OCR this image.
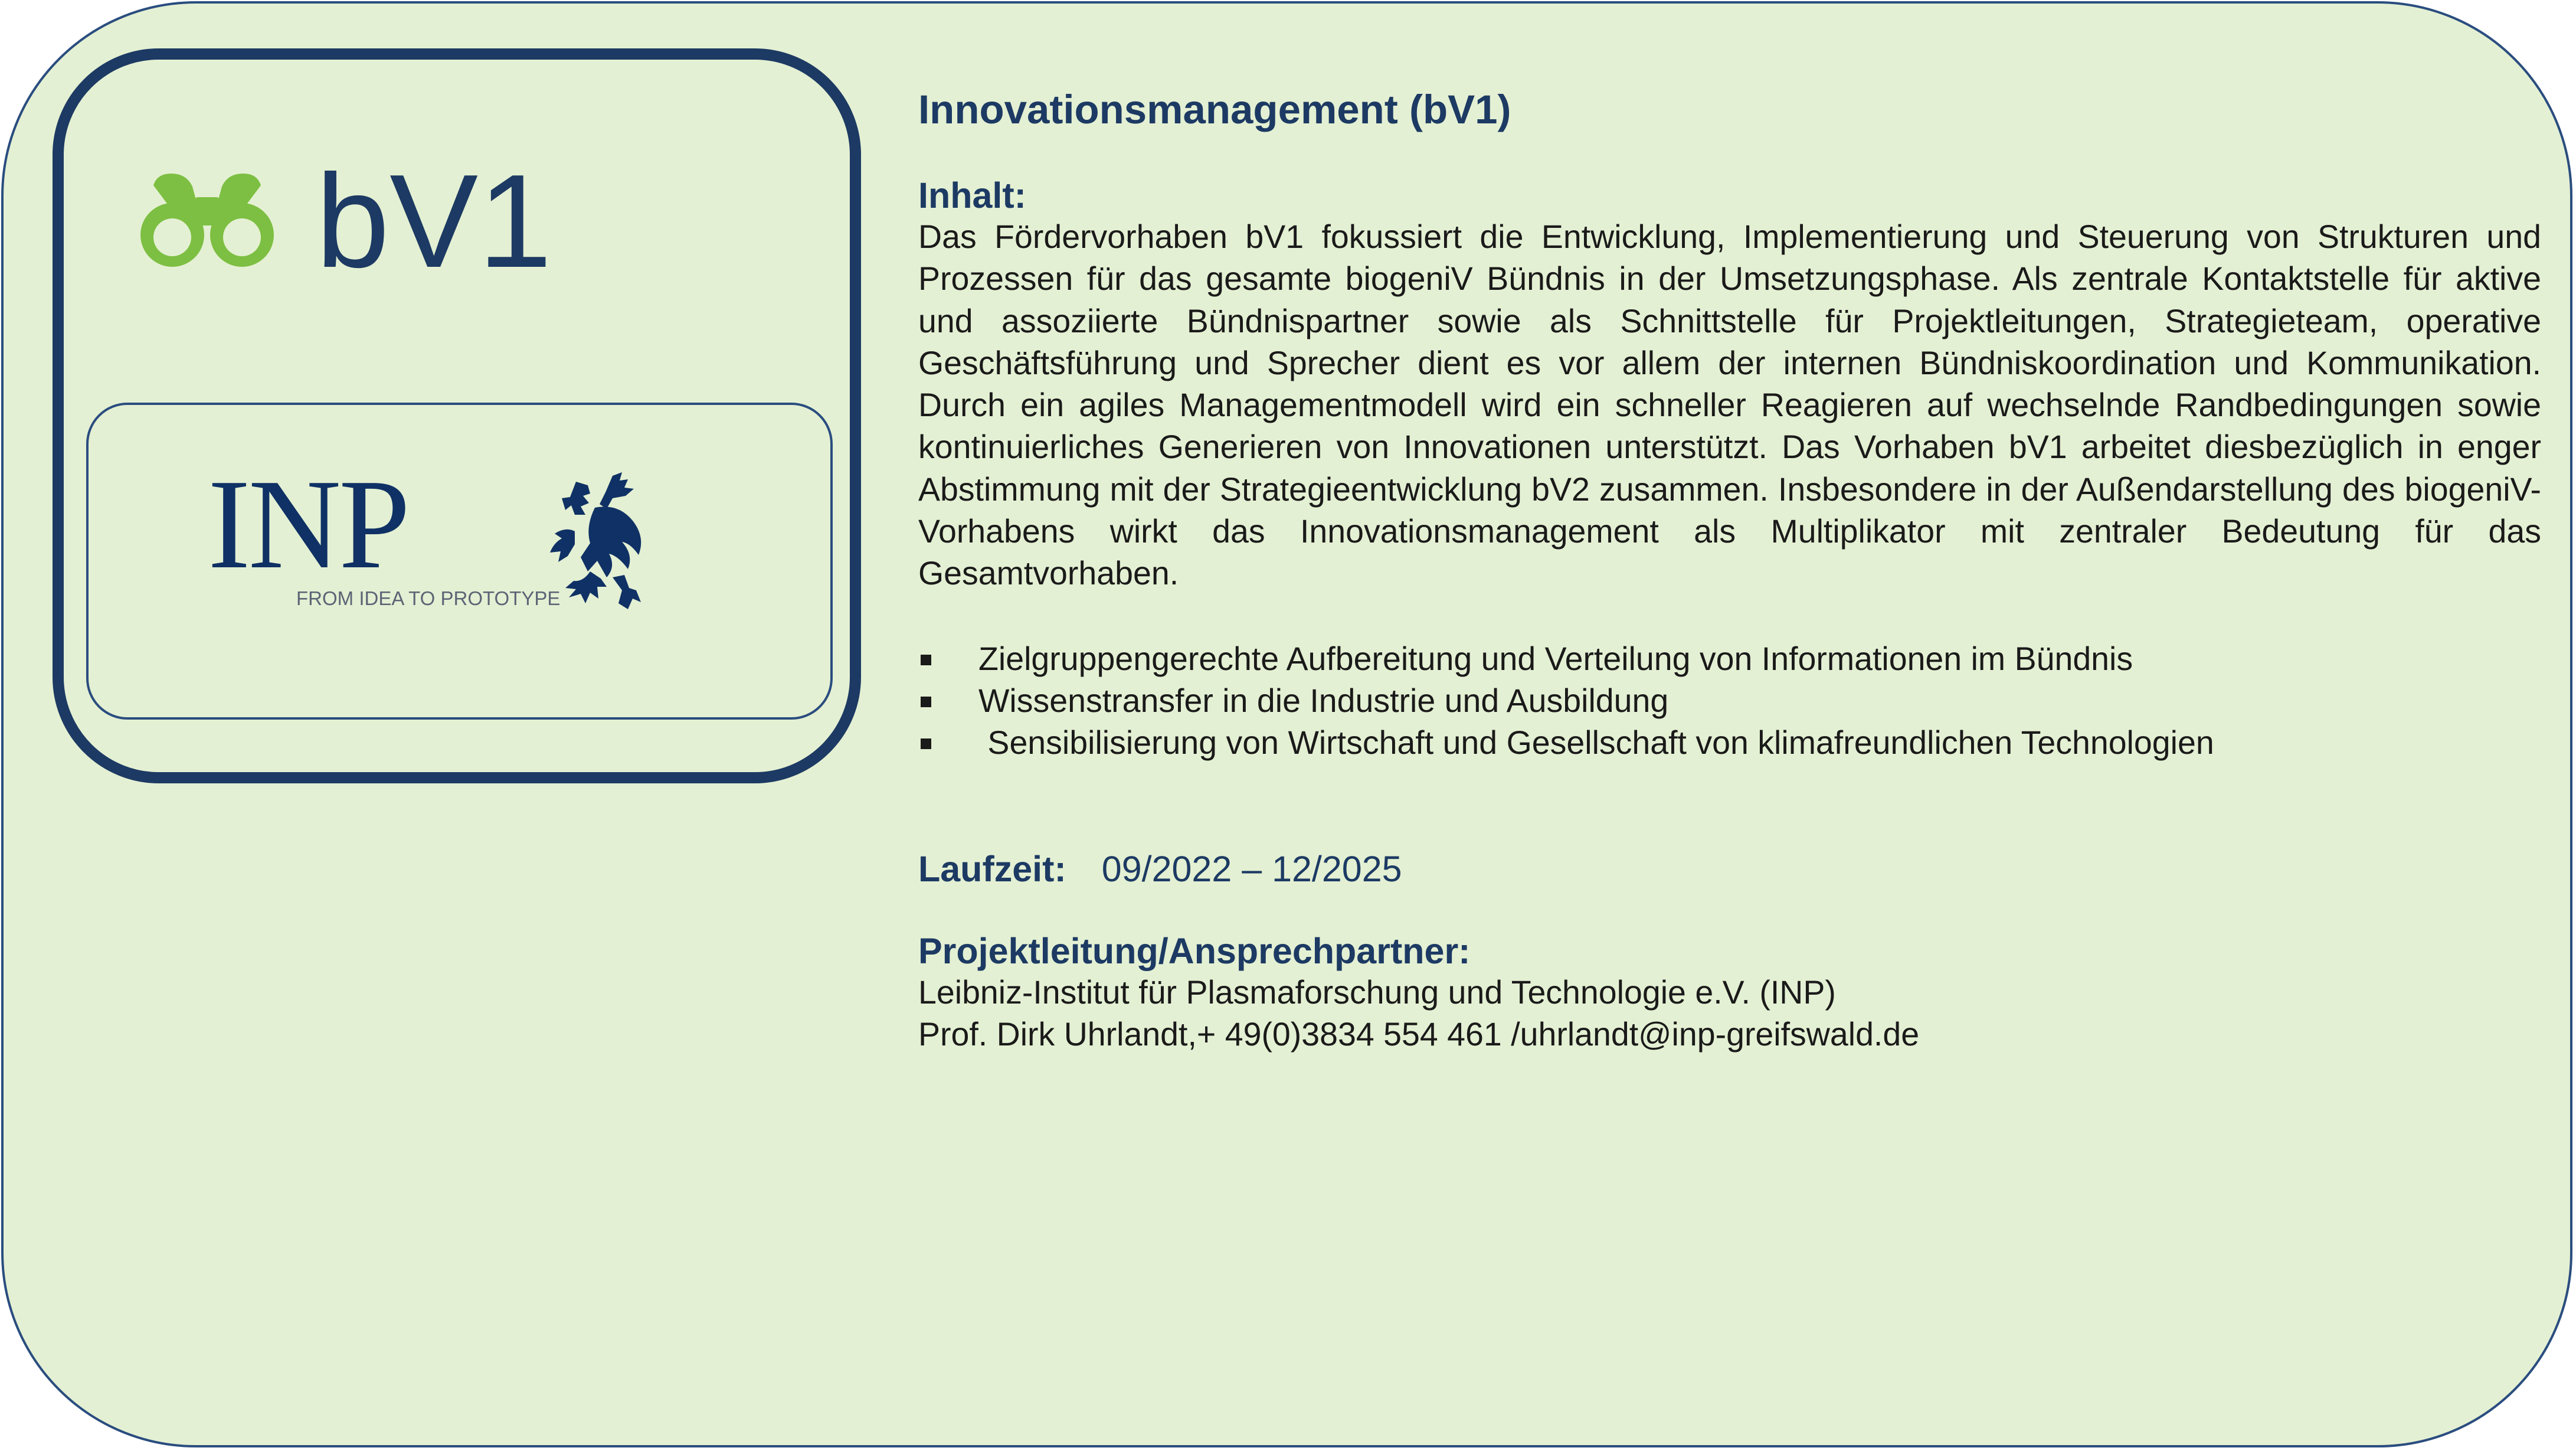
bV1
INP
FROM IDEA TO PROTOTYPE
Innovationsmanagement (bV1)
Inhalt:

Das Fördervorhaben bV1 fokussiert die Entwicklung, Implementierung und Steuerung von Strukturen und Prozessen für das gesamte biogeniV Bündnis in der Umsetzungsphase. Als zentrale Kontaktstelle für aktive und assoziierte Bündnispartner sowie als Schnittstelle für Projektleitungen, Strategieteam, operative Geschäftsführung und Sprecher dient es vor allem der internen Bündniskoordination und Kommunikation. Durch ein agiles Managementmodell wird ein schneller Reagieren auf wechselnde Randbedingungen sowie kontinuierliches Generieren von Innovationen unterstützt. Das Vorhaben bV1 arbeitet diesbezüglich in enger Abstimmung mit der Strategieentwicklung bV2 zusammen. Insbesondere in der Außendarstellung des biogeniV-Vorhabens wirkt das Innovationsmanagement als Multiplikator mit zentraler Bedeutung für das Gesamtvorhaben.

Zielgruppengerechte Aufbereitung und Verteilung von Informationen im Bündnis
Wissenstransfer in die Industrie und Ausbildung
Sensibilisierung von Wirtschaft und Gesellschaft von klimafreundlichen Technologien
Laufzeit: 09/2022 – 12/2025
Projektleitung/Ansprechpartner:

Leibniz-Institut für Plasmaforschung und Technologie e.V. (INP)

Prof. Dirk Uhrlandt,+ 49(0)3834 554 461 /uhrlandt@inp-greifswald.de
